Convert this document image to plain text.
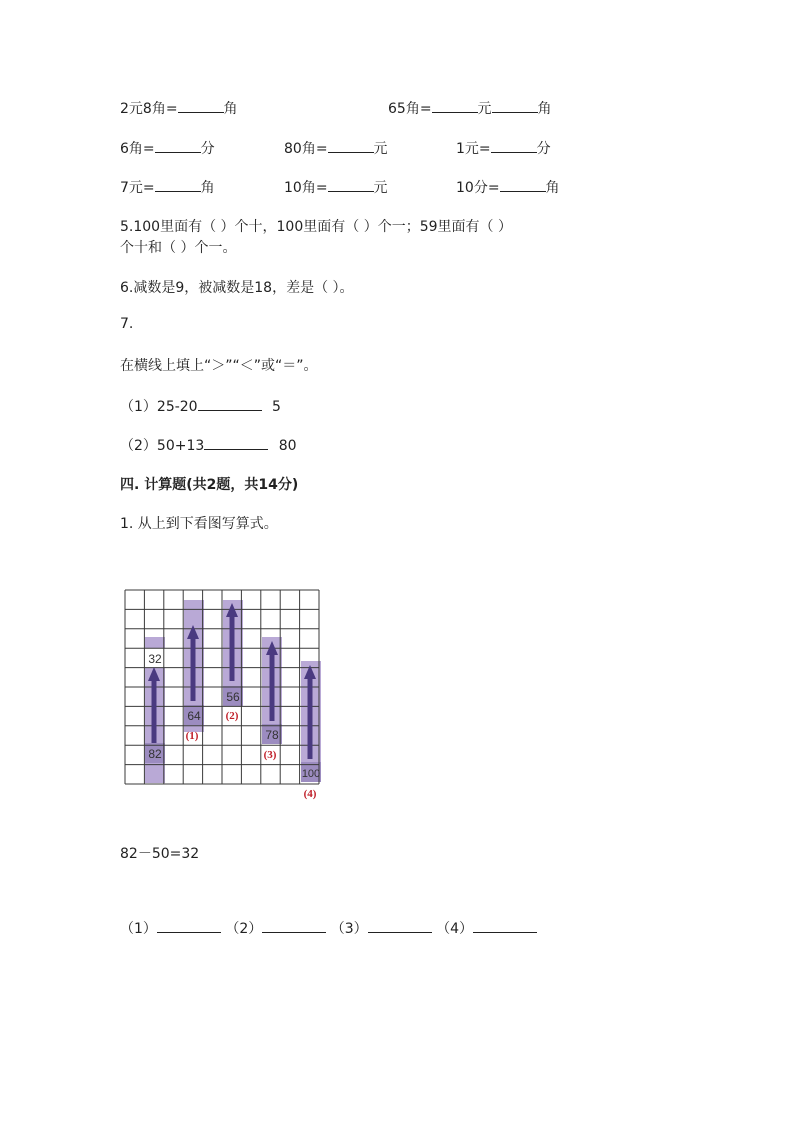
2元8角=	角	65角=	元	角
6角=	分	80角=	元	1元=	分
7元=	角	10角=	元	10分=	角
5.100里面有（ ）个十，100里面有（ ）个一；59里面有（ ）
个十和（ ）个一。
6.减数是9，被减数是18，差是（ ）。
7.
在横线上填上“＞”“＜”或“＝”。
（1）25-20	5
（2）50+13	80
四. 计算题(共2题，共14分)
1. 从上到下看图写算式。
32
82
64
56
78
100
(1)
(2)
(3)
(4)
82－50=32
（1）	（2）	（3）	（4）
